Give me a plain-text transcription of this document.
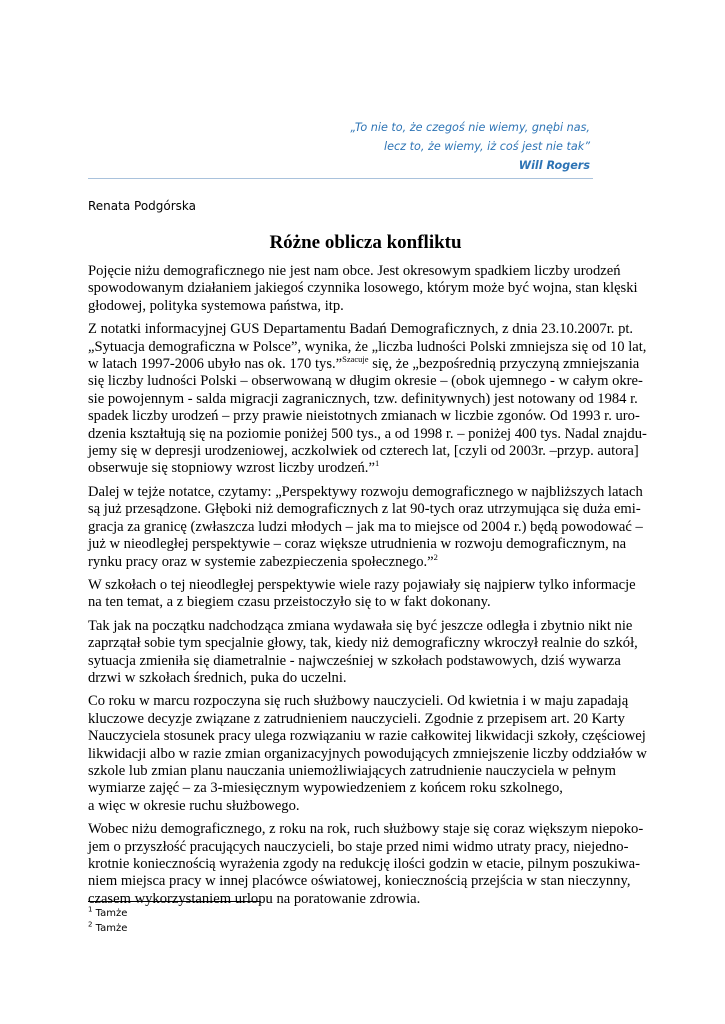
„To nie to, że czegoś nie wiemy, gnębi nas,
lecz to, że wiemy, iż coś jest nie tak”
Will Rogers
Renata Podgórska
Różne oblicza konfliktu

Pojęcie niżu demograficznego nie jest nam obce. Jest okresowym spadkiem liczby urodzeń
spowodowanym działaniem jakiegoś czynnika losowego, którym może być wojna, stan klęski
głodowej, polityka systemowa państwa, itp.

Z notatki informacyjnej GUS Departamentu Badań Demograficznych, z dnia 23.10.2007r. pt.
„Sytuacja demograficzna w Polsce”, wynika, że „liczba ludności Polski zmniejsza się od 10 lat,
w latach 1997-2006 ubyło nas ok. 170 tys.”$^{Szacuje}$ się, że „bezpośrednią przyczyną zmniejszania
się liczby ludności Polski – obserwowaną w długim okresie – (obok ujemnego - w całym okre-
sie powojennym - salda migracji zagranicznych, tzw. definitywnych) jest notowany od 1984 r.
spadek liczby urodzeń – przy prawie nieistotnych zmianach w liczbie zgonów. Od 1993 r. uro-
dzenia kształtują się na poziomie poniżej 500 tys., a od 1998 r. – poniżej 400 tys. Nadal znajdu-
jemy się w depresji urodzeniowej, aczkolwiek od czterech lat, [czyli od 2003r. –przyp. autora]
obserwuje się stopniowy wzrost liczby urodzeń.”$^1$

Dalej w tejże notatce, czytamy: „Perspektywy rozwoju demograficznego w najbliższych latach
są już przesądzone. Głęboki niż demograficznych z lat 90-tych oraz utrzymująca się duża emi-
gracja za granicę (zwłaszcza ludzi młodych – jak ma to miejsce od 2004 r.) będą powodować –
już w nieodległej perspektywie – coraz większe utrudnienia w rozwoju demograficznym, na
rynku pracy oraz w systemie zabezpieczenia społecznego.”$^2$

W szkołach o tej nieodległej perspektywie wiele razy pojawiały się najpierw tylko informacje
na ten temat, a z biegiem czasu przeistoczyło się to w fakt dokonany.

Tak jak na początku nadchodząca zmiana wydawała się być jeszcze odległa i zbytnio nikt nie
zaprzątał sobie tym specjalnie głowy, tak, kiedy niż demograficzny wkroczył realnie do szkół,
sytuacja zmieniła się diametralnie - najwcześniej w szkołach podstawowych, dziś wywarza
drzwi w szkołach średnich, puka do uczelni.

Co roku w marcu rozpoczyna się ruch służbowy nauczycieli. Od kwietnia i w maju zapadają
kluczowe decyzje związane z zatrudnieniem nauczycieli. Zgodnie z przepisem art. 20 Karty
Nauczyciela stosunek pracy ulega rozwiązaniu w razie całkowitej likwidacji szkoły, częściowej
likwidacji albo w razie zmian organizacyjnych powodujących zmniejszenie liczby oddziałów w
szkole lub zmian planu nauczania uniemożliwiających zatrudnienie nauczyciela w pełnym
wymiarze zajęć – za 3-miesięcznym wypowiedzeniem z końcem roku szkolnego,
a więc w okresie ruchu służbowego.

Wobec niżu demograficznego, z roku na rok, ruch służbowy staje się coraz większym niepoko-
jem o przyszłość pracujących nauczycieli, bo staje przed nimi widmo utraty pracy, niejedno-
krotnie koniecznością wyrażenia zgody na redukcję ilości godzin w etacie, pilnym poszukiwa-
niem miejsca pracy w innej placówce oświatowej, koniecznością przejścia w stan nieczynny,
czasem wykorzystaniem urlopu na poratowanie zdrowia.

$^1$ Tamże
$^2$ Tamże
